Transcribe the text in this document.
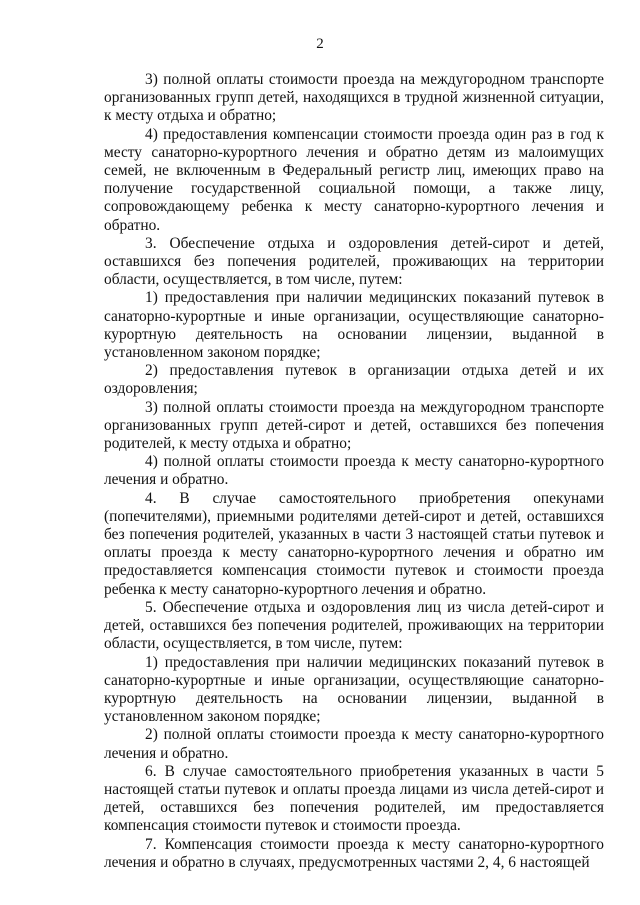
2

3) полной оплаты стоимости проезда на междугородном транспорте организованных групп детей, находящихся в трудной жизненной ситуации, к месту отдыха и обратно;

4) предоставления компенсации стоимости проезда один раз в год к месту санаторно-курортного лечения и обратно детям из малоимущих семей, не включенным в Федеральный регистр лиц, имеющих право на получение государственной социальной помощи, а также лицу, сопровождающему ребенка к месту санаторно-курортного лечения и обратно.

3. Обеспечение отдыха и оздоровления детей-сирот и детей, оставшихся без попечения родителей, проживающих на территории области, осуществляется, в том числе, путем:

1) предоставления при наличии медицинских показаний путевок в санаторно-курортные и иные организации, осуществляющие санаторно-курортную деятельность на основании лицензии, выданной в установленном законом порядке;

2) предоставления путевок в организации отдыха детей и их оздоровления;

3) полной оплаты стоимости проезда на междугородном транспорте организованных групп детей-сирот и детей, оставшихся без попечения родителей, к месту отдыха и обратно;

4) полной оплаты стоимости проезда к месту санаторно-курортного лечения и обратно.

4. В случае самостоятельного приобретения опекунами (попечителями), приемными родителями детей-сирот и детей, оставшихся без попечения родителей, указанных в части 3 настоящей статьи путевок и оплаты проезда к месту санаторно-курортного лечения и обратно им предоставляется компенсация стоимости путевок и стоимости проезда ребенка к месту санаторно-курортного лечения и обратно.

5. Обеспечение отдыха и оздоровления лиц из числа детей-сирот и детей, оставшихся без попечения родителей, проживающих на территории области, осуществляется, в том числе, путем:

1) предоставления при наличии медицинских показаний путевок в санаторно-курортные и иные организации, осуществляющие санаторно-курортную деятельность на основании лицензии, выданной в установленном законом порядке;

2) полной оплаты стоимости проезда к месту санаторно-курортного лечения и обратно.

6. В случае самостоятельного приобретения указанных в части 5 настоящей статьи путевок и оплаты проезда лицами из числа детей-сирот и детей, оставшихся без попечения родителей, им предоставляется компенсация стоимости путевок и стоимости проезда.

7. Компенсация стоимости проезда к месту санаторно-курортного лечения и обратно в случаях, предусмотренных частями 2, 4, 6 настоящей
